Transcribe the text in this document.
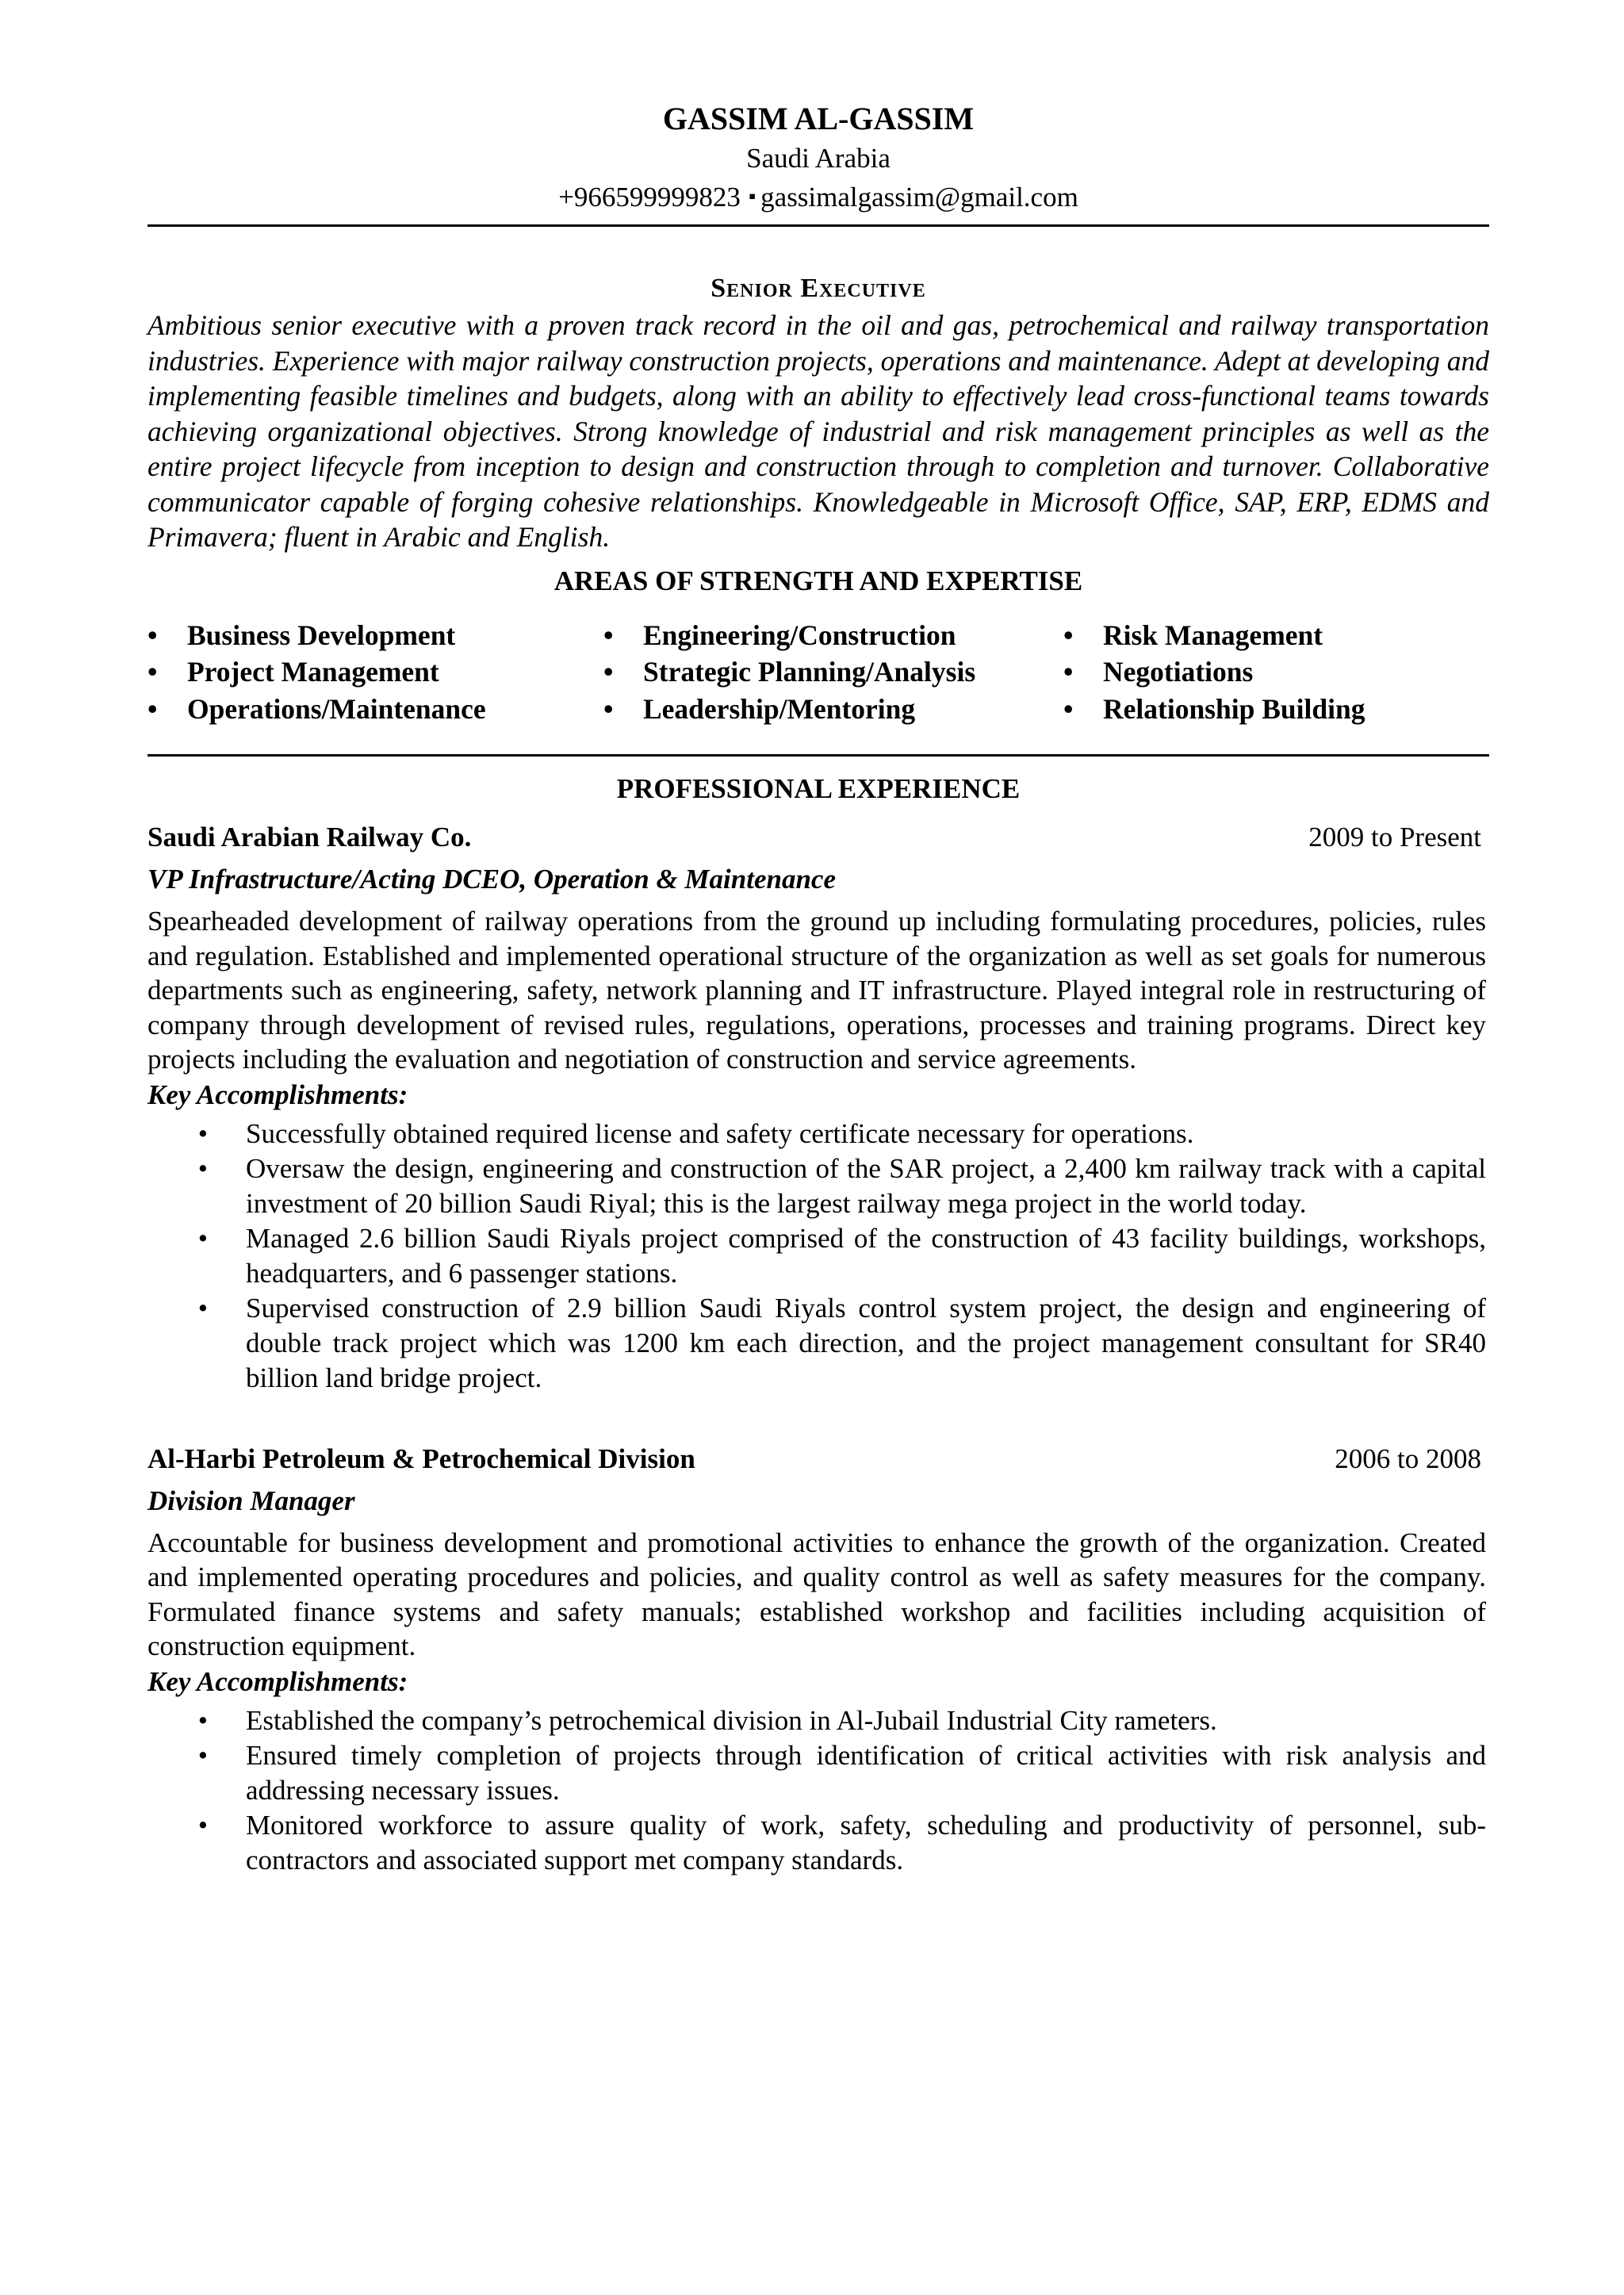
GASSIM AL-GASSIM
Saudi Arabia
+966599999823 ▪ gassimalgassim@gmail.com
Senior Executive
Ambitious senior executive with a proven track record in the oil and gas, petrochemical and railway transportation industries. Experience with major railway construction projects, operations and maintenance. Adept at developing and implementing feasible timelines and budgets, along with an ability to effectively lead cross-functional teams towards achieving organizational objectives. Strong knowledge of industrial and risk management principles as well as the entire project lifecycle from inception to design and construction through to completion and turnover. Collaborative communicator capable of forging cohesive relationships. Knowledgeable in Microsoft Office, SAP, ERP, EDMS and Primavera; fluent in Arabic and English.
AREAS OF STRENGTH AND EXPERTISE
•	Business Development	•	Engineering/Construction	•	Risk Management
•	Project Management	•	Strategic Planning/Analysis	•	Negotiations
•	Operations/Maintenance	•	Leadership/Mentoring	•	Relationship Building
PROFESSIONAL EXPERIENCE
Saudi Arabian Railway Co.	2009 to Present
VP Infrastructure/Acting DCEO, Operation & Maintenance
Spearheaded development of railway operations from the ground up including formulating procedures, policies, rules and regulation. Established and implemented operational structure of the organization as well as set goals for numerous departments such as engineering, safety, network planning and IT infrastructure. Played integral role in restructuring of company through development of revised rules, regulations, operations, processes and training programs. Direct key projects including the evaluation and negotiation of construction and service agreements.
Key Accomplishments:
•	Successfully obtained required license and safety certificate necessary for operations.
•	Oversaw the design, engineering and construction of the SAR project, a 2,400 km railway track with a capital investment of 20 billion Saudi Riyal; this is the largest railway mega project in the world today.
•	Managed 2.6 billion Saudi Riyals project comprised of the construction of 43 facility buildings, workshops, headquarters, and 6 passenger stations.
•	Supervised construction of 2.9 billion Saudi Riyals control system project, the design and engineering of double track project which was 1200 km each direction, and the project management consultant for SR40 billion land bridge project.
Al-Harbi Petroleum & Petrochemical Division	2006 to 2008
Division Manager
Accountable for business development and promotional activities to enhance the growth of the organization. Created and implemented operating procedures and policies, and quality control as well as safety measures for the company. Formulated finance systems and safety manuals; established workshop and facilities including acquisition of construction equipment.
Key Accomplishments:
•	Established the company’s petrochemical division in Al-Jubail Industrial City rameters.
•	Ensured timely completion of projects through identification of critical activities with risk analysis and addressing necessary issues.
•	Monitored workforce to assure quality of work, safety, scheduling and productivity of personnel, sub-contractors and associated support met company standards.
